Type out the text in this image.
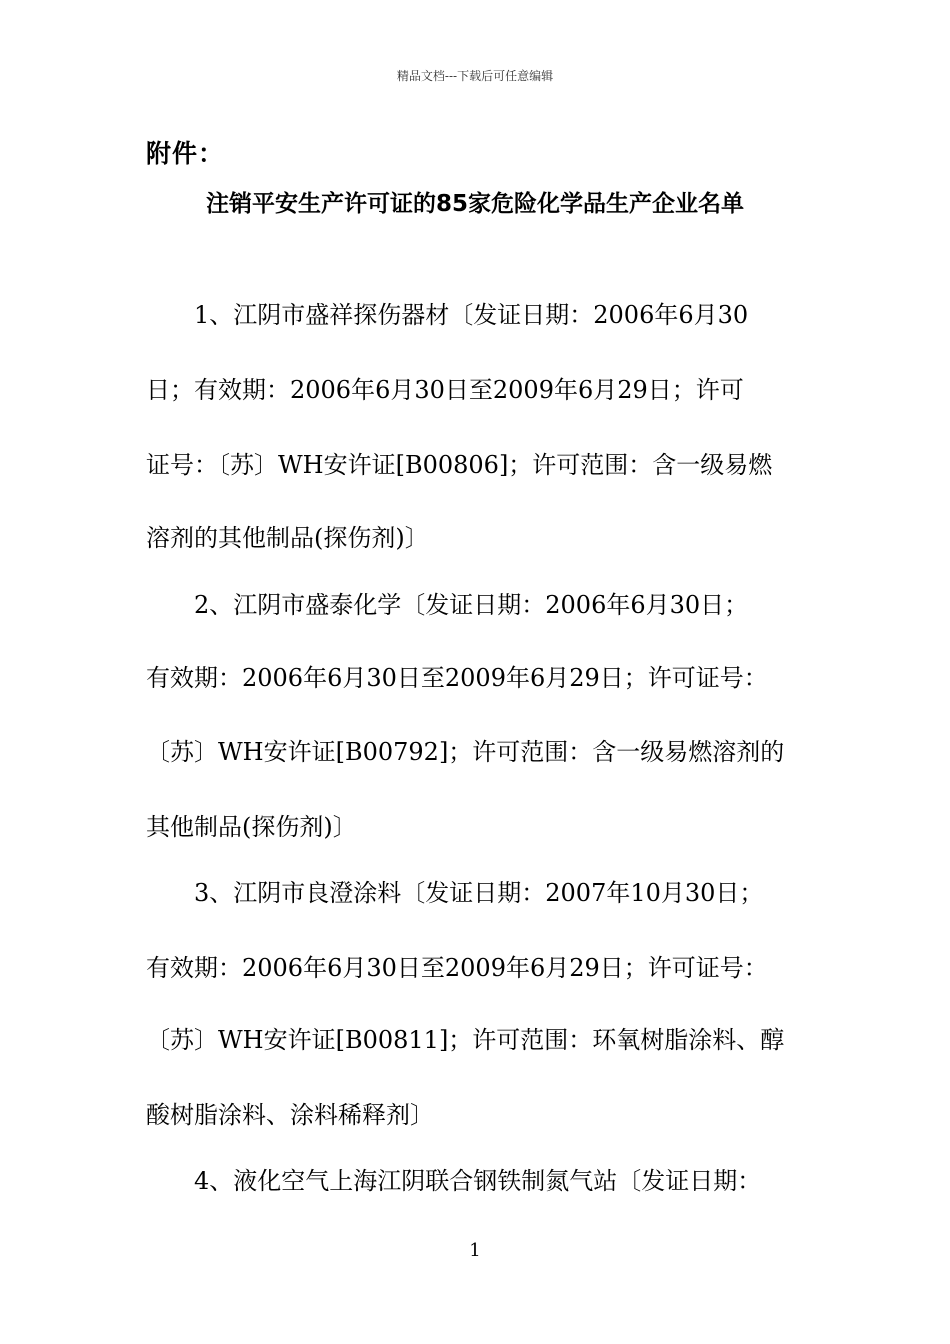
精品文档---下载后可任意编辑
附件：
注销平安生产许可证的85家危险化学品生产企业名单
1、江阴市盛祥探伤器材〔发证日期：2006年6月30
日；有效期：2006年6月30日至2009年6月29日；许可
证号：〔苏〕WH安许证[B00806]；许可范围：含一级易燃
溶剂的其他制品(探伤剂)〕
2、江阴市盛泰化学〔发证日期：2006年6月30日；
有效期：2006年6月30日至2009年6月29日；许可证号：
〔苏〕WH安许证[B00792]；许可范围：含一级易燃溶剂的
其他制品(探伤剂)〕
3、江阴市良澄涂料〔发证日期：2007年10月30日；
有效期：2006年6月30日至2009年6月29日；许可证号：
〔苏〕WH安许证[B00811]；许可范围：环氧树脂涂料、醇
酸树脂涂料、涂料稀释剂〕
4、液化空气上海江阴联合钢铁制氮气站〔发证日期：
1
